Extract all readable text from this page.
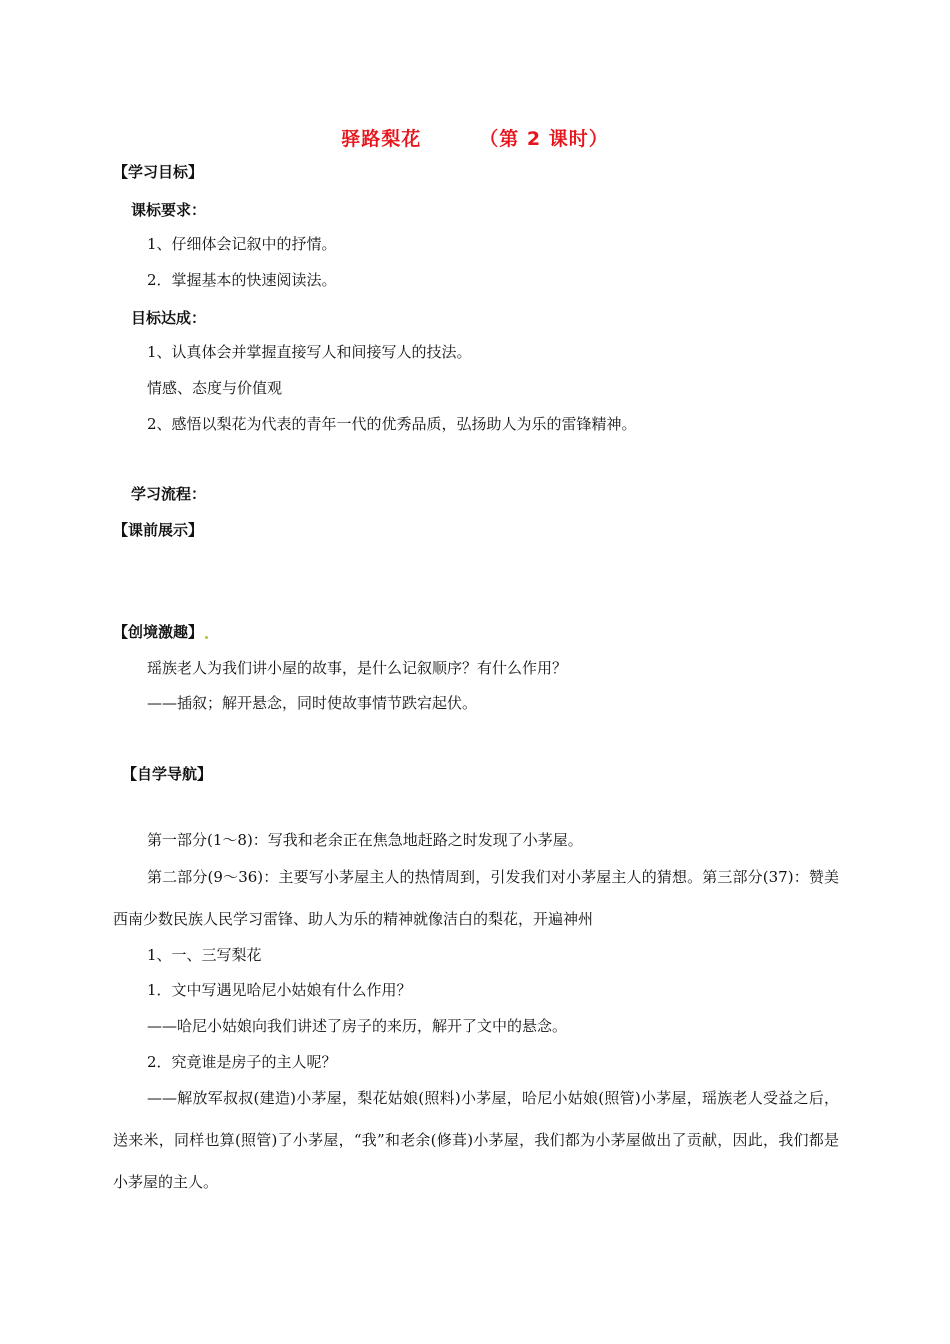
驿路梨花	（第 2 课时）
【学习目标】
课标要求：
1、仔细体会记叙中的抒情。
2．掌握基本的快速阅读法。
目标达成：
1、认真体会并掌握直接写人和间接写人的技法。
情感、态度与价值观
2、感悟以梨花为代表的青年一代的优秀品质，弘扬助人为乐的雷锋精神。
学习流程：
【课前展示】
【创境激趣】
瑶族老人为我们讲小屋的故事，是什么记叙顺序？有什么作用？
——插叙；解开悬念，同时使故事情节跌宕起伏。
【自学导航】
第一部分(1～8)：写我和老余正在焦急地赶路之时发现了小茅屋。
第二部分(9～36)：主要写小茅屋主人的热情周到，引发我们对小茅屋主人的猜想。第三部分(37)：赞美西南少数民族人民学习雷锋、助人为乐的精神就像洁白的梨花，开遍神州
1、一、三写梨花
1．文中写遇见哈尼小姑娘有什么作用？
——哈尼小姑娘向我们讲述了房子的来历，解开了文中的悬念。
2．究竟谁是房子的主人呢？
——解放军叔叔(建造)小茅屋，梨花姑娘(照料)小茅屋，哈尼小姑娘(照管)小茅屋，瑶族老人受益之后，送来米，同样也算(照管)了小茅屋，“我”和老余(修葺)小茅屋，我们都为小茅屋做出了贡献，因此，我们都是小茅屋的主人。
